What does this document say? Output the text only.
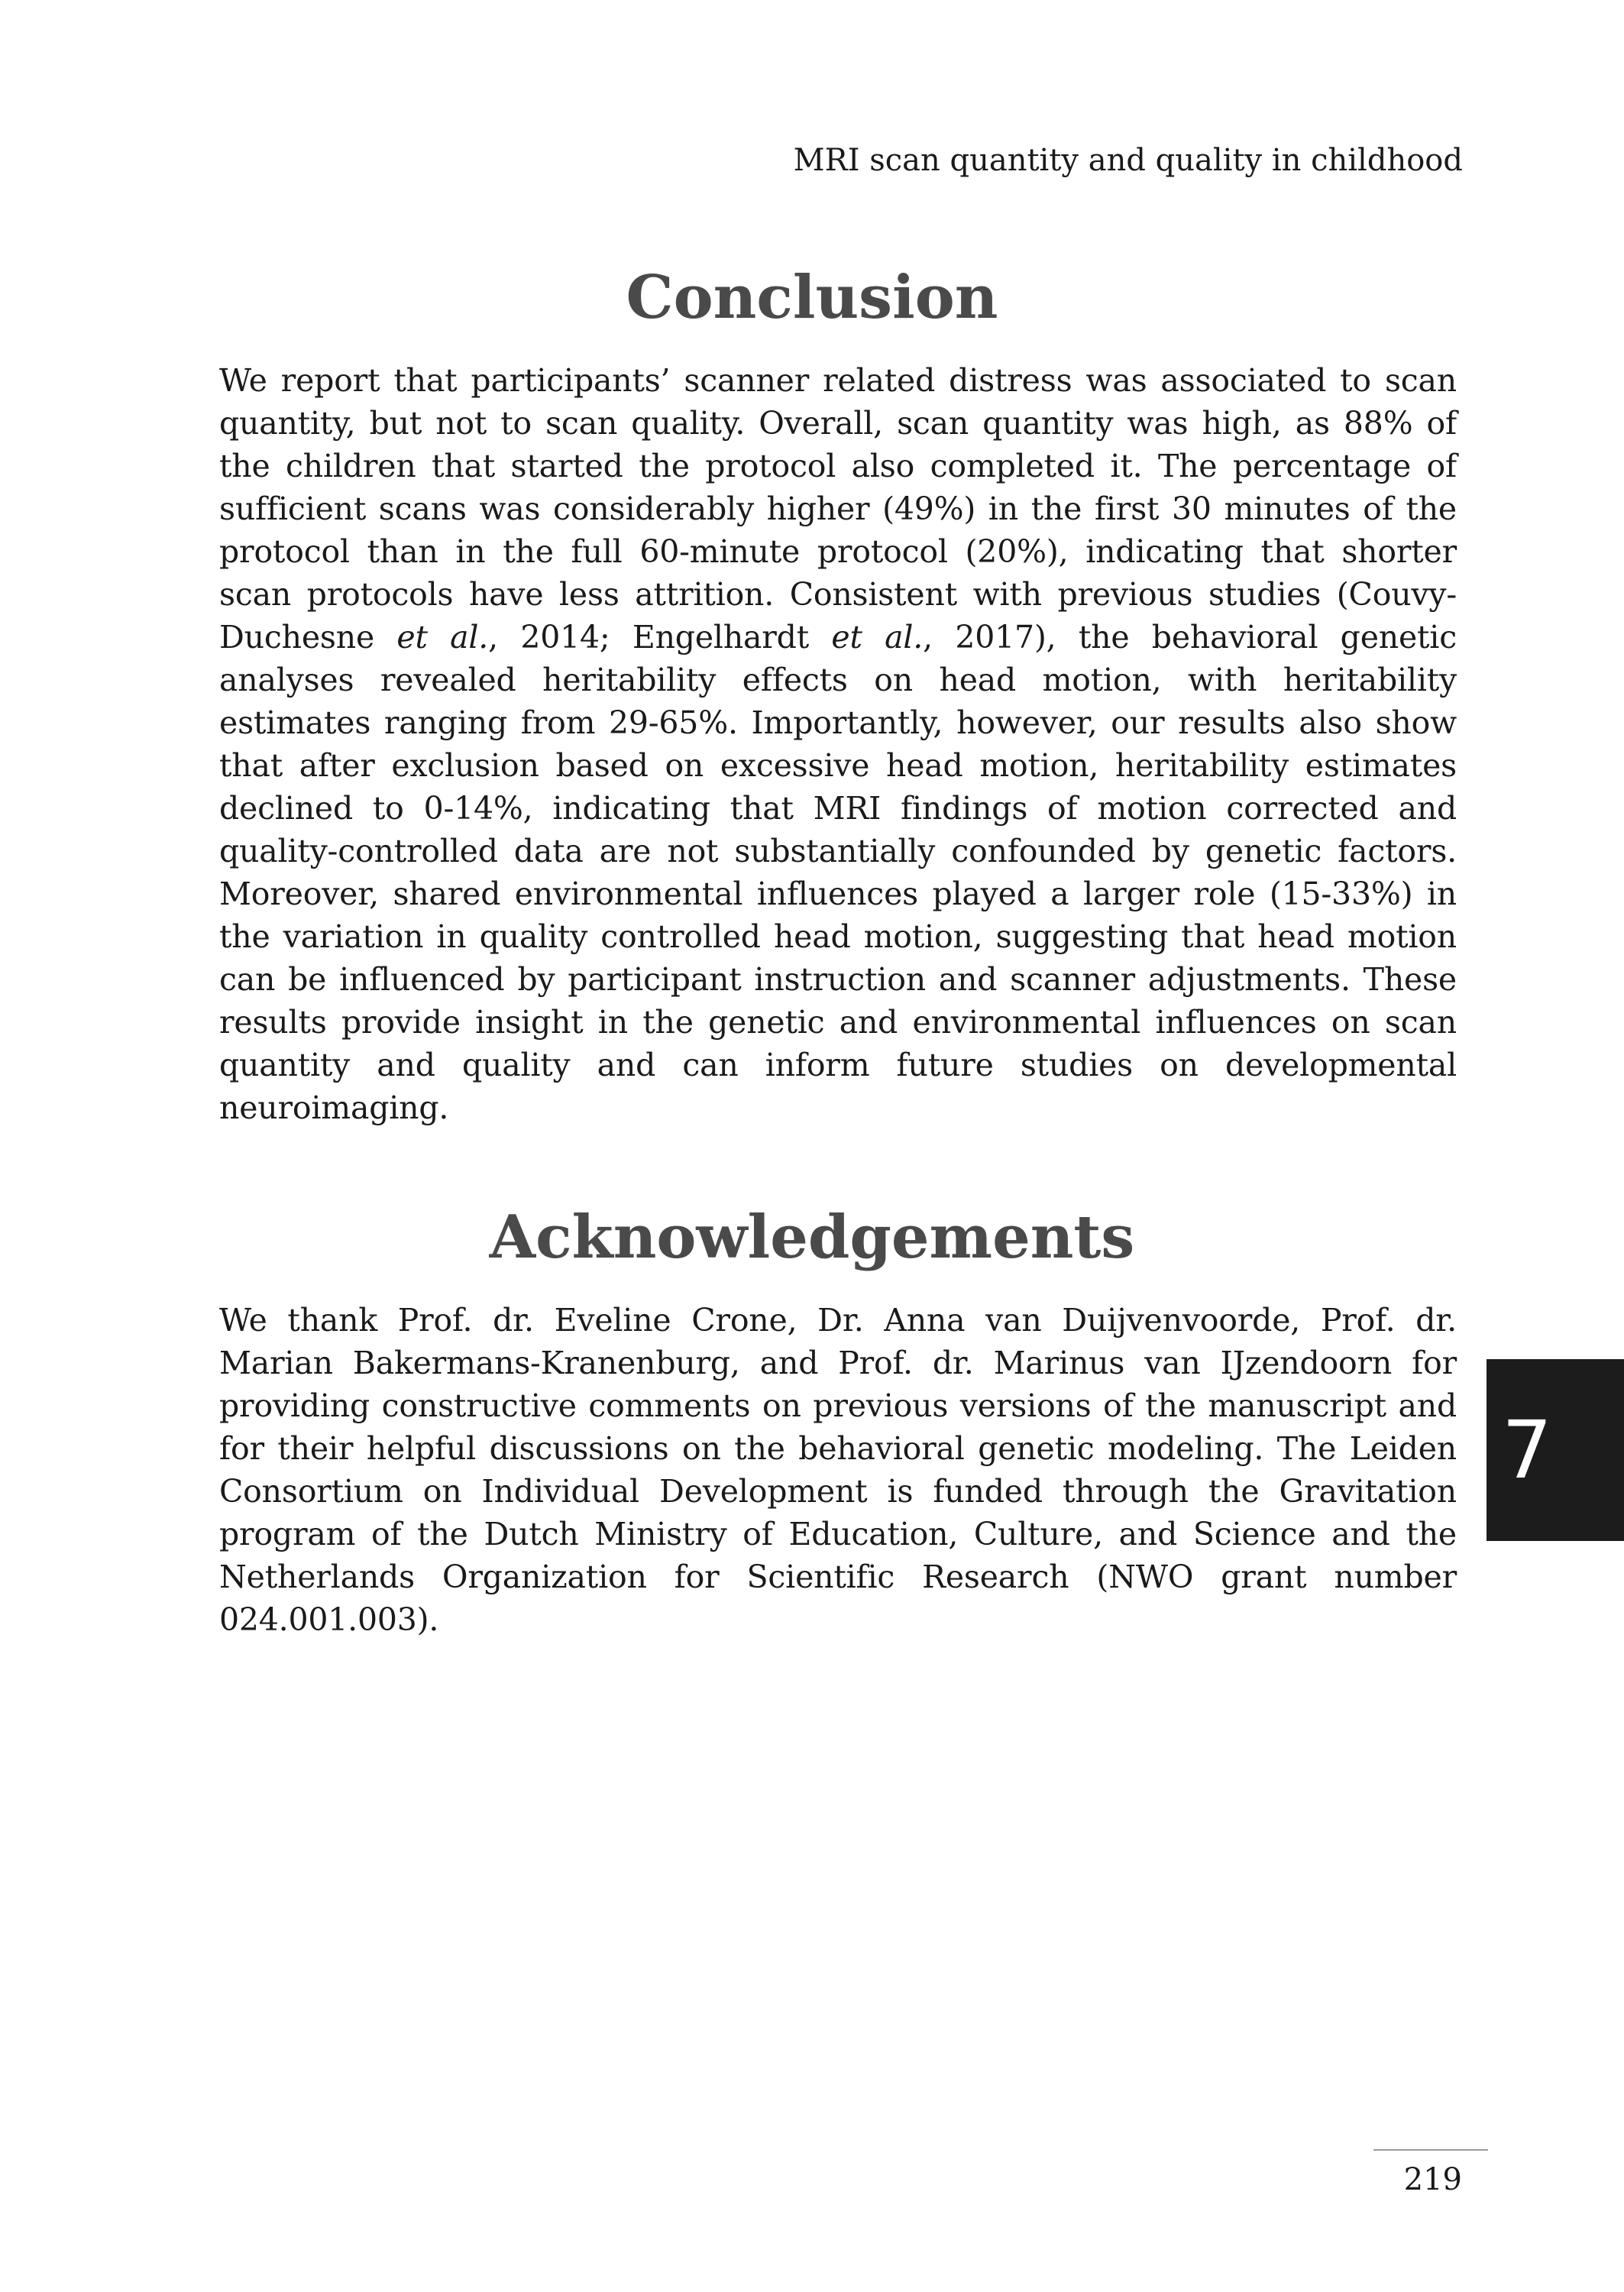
MRI scan quantity and quality in childhood
Conclusion

We report that participants’ scanner related distress was associated to scan quantity, but not to scan quality. Overall, scan quantity was high, as 88% of the children that started the protocol also completed it. The percentage of sufficient scans was considerably higher (49%) in the first 30 minutes of the protocol than in the full 60-minute protocol (20%), indicating that shorter scan protocols have less attrition. Consistent with previous studies (Couvy-Duchesne et al., 2014; Engelhardt et al., 2017), the behavioral genetic analyses revealed heritability effects on head motion, with heritability estimates ranging from 29-65%. Importantly, however, our results also show that after exclusion based on excessive head motion, heritability estimates declined to 0-14%, indicating that MRI findings of motion corrected and quality-controlled data are not substantially confounded by genetic factors. Moreover, shared environmental influences played a larger role (15-33%) in the variation in quality controlled head motion, suggesting that head motion can be influenced by participant instruction and scanner adjustments. These results provide insight in the genetic and environmental influences on scan quantity and quality and can inform future studies on developmental neuroimaging.

Acknowledgements

We thank Prof. dr. Eveline Crone, Dr. Anna van Duijvenvoorde, Prof. dr. Marian Bakermans-Kranenburg, and Prof. dr. Marinus van IJzendoorn for providing constructive comments on previous versions of the manuscript and for their helpful discussions on the behavioral genetic modeling. The Leiden Consortium on Individual Development is funded through the Gravitation program of the Dutch Ministry of Education, Culture, and Science and the Netherlands Organization for Scientific Research (NWO grant number 024.001.003).

7
219
